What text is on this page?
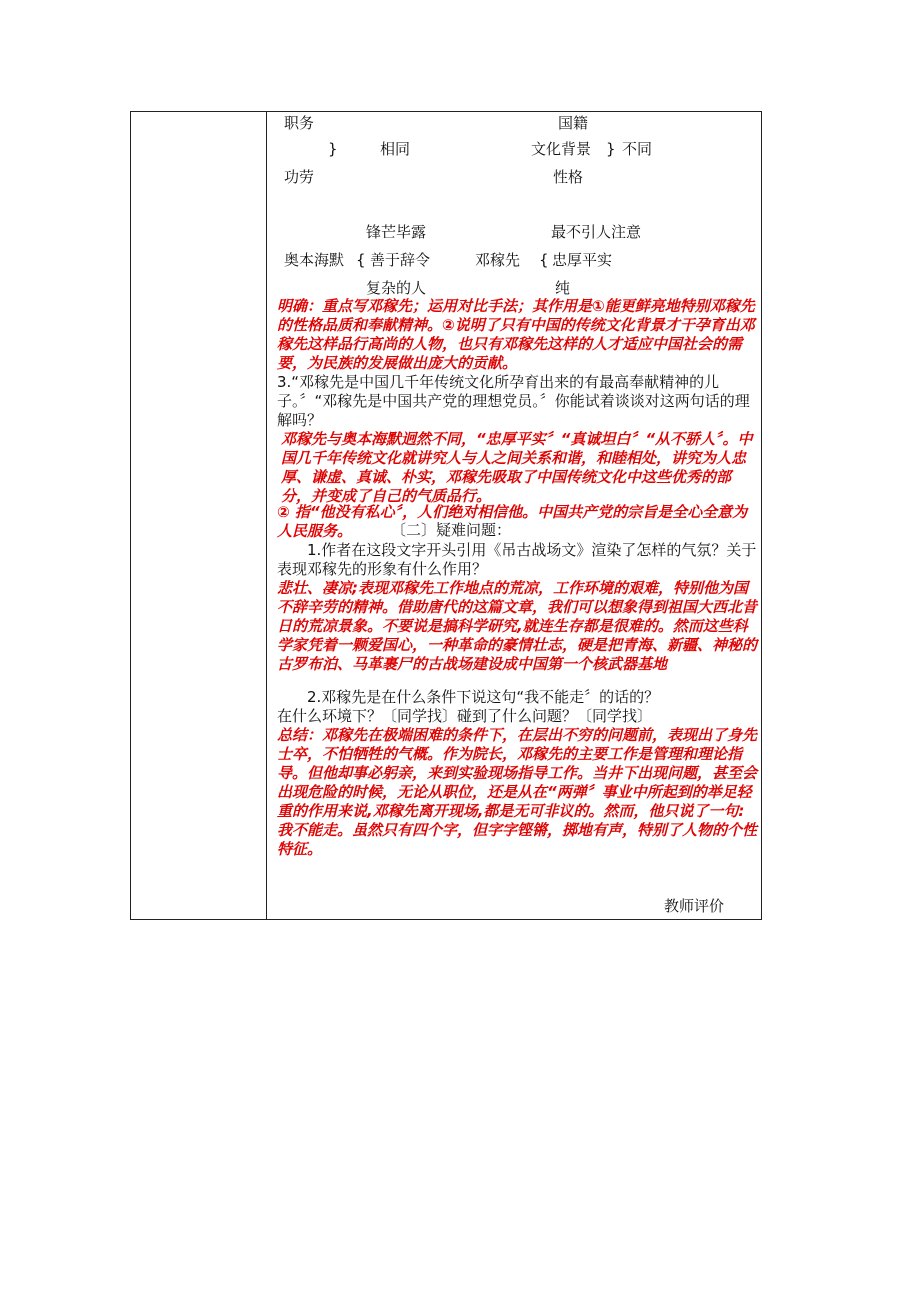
职务	国籍
}	相同	文化背景 } 不同
功劳	性格
锋芒毕露	最不引人注意
奥本海默 { 善于辞令	邓稼先 { 忠厚平实
复杂的人	纯
明确：重点写邓稼先；运用对比手法；其作用是①能更鲜亮地特别邓稼先的性格品质和奉献精神。②说明了只有中国的传统文化背景才干孕育出邓稼先这样品行高尚的人物，也只有邓稼先这样的人才适应中国社会的需要，为民族的发展做出庞大的贡献。
3.“邓稼先是中国几千年传统文化所孕育出来的有最高奉献精神的儿子。〞“邓稼先是中国共产党的理想党员。〞你能试着谈谈对这两句话的理解吗？
邓稼先与奥本海默迥然不同，“忠厚平实〞“真诚坦白〞“从不骄人〞。中国几千年传统文化就讲究人与人之间关系和谐，和睦相处，讲究为人忠厚、谦虚、真诚、朴实，邓稼先吸取了中国传统文化中这些优秀的部分，并变成了自己的气质品行。
② 指“他没有私心〞，人们绝对相信他。中国共产党的宗旨是全心全意为人民服务。	〔二〕疑难问题：
1.作者在这段文字开头引用《吊古战场文》渲染了怎样的气氛？关于表现邓稼先的形象有什么作用？
悲壮、凄凉;表现邓稼先工作地点的荒凉，工作环境的艰难，特别他为国不辞辛劳的精神。借助唐代的这篇文章，我们可以想象得到祖国大西北昔日的荒凉景象。不要说是搞科学研究,就连生存都是很难的。然而这些科学家凭着一颗爱国心，一种革命的豪情壮志，硬是把青海、新疆、神秘的古罗布泊、马革裹尸的古战场建设成中国第一个核武器基地
2.邓稼先是在什么条件下说这句“我不能走〞的话的？
在什么环境下？〔同学找〕碰到了什么问题？〔同学找〕
总结：邓稼先在极端困难的条件下，在层出不穷的问题前，表现出了身先士卒，不怕牺牲的气概。作为院长，邓稼先的主要工作是管理和理论指导。但他却事必躬亲，来到实验现场指导工作。当井下出现问题，甚至会出现危险的时候，无论从职位，还是从在“两弹〞事业中所起到的举足轻重的作用来说,邓稼先离开现场,都是无可非议的。然而，他只说了一句:我不能走。虽然只有四个字，但字字铿锵，掷地有声，特别了人物的个性特征。
教师评价
